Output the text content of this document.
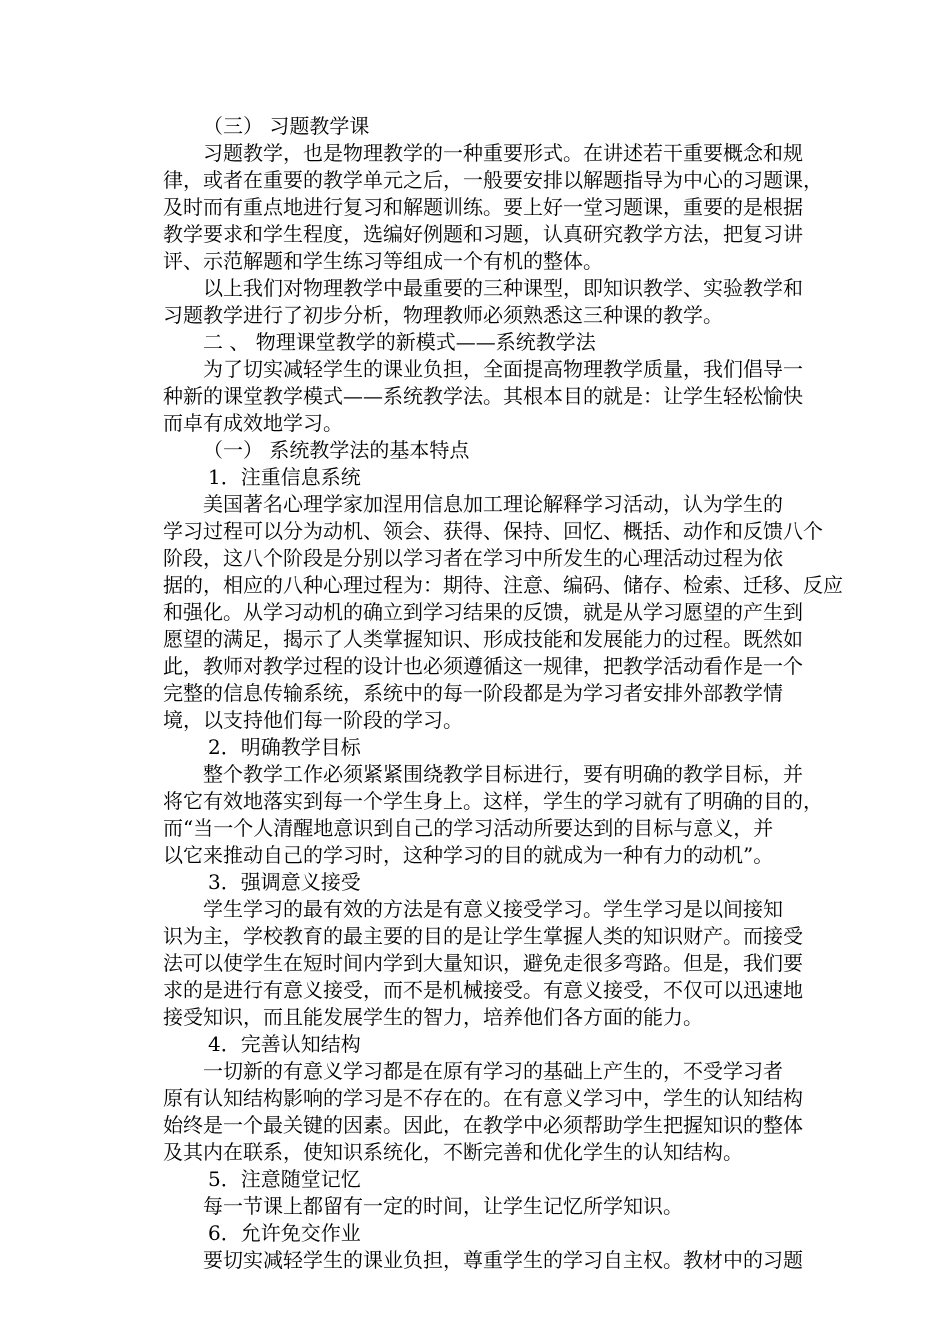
（三） 习题教学课
习题教学，也是物理教学的一种重要形式。在讲述若干重要概念和规
律，或者在重要的教学单元之后，一般要安排以解题指导为中心的习题课，
及时而有重点地进行复习和解题训练。要上好一堂习题课，重要的是根据
教学要求和学生程度，选编好例题和习题，认真研究教学方法，把复习讲
评、示范解题和学生练习等组成一个有机的整体。
以上我们对物理教学中最重要的三种课型，即知识教学、实验教学和
习题教学进行了初步分析，物理教师必须熟悉这三种课的教学。
二 、 物理课堂教学的新模式——系统教学法
为了切实减轻学生的课业负担，全面提高物理教学质量，我们倡导一
种新的课堂教学模式——系统教学法。其根本目的就是：让学生轻松愉快
而卓有成效地学习。
（一） 系统教学法的基本特点
1．注重信息系统
美国著名心理学家加涅用信息加工理论解释学习活动，认为学生的
学习过程可以分为动机、领会、获得、保持、回忆、概括、动作和反馈八个
阶段，这八个阶段是分别以学习者在学习中所发生的心理活动过程为依
据的，相应的八种心理过程为：期待、注意、编码、储存、检索、迁移、反应
和强化。从学习动机的确立到学习结果的反馈，就是从学习愿望的产生到
愿望的满足，揭示了人类掌握知识、形成技能和发展能力的过程。既然如
此，教师对教学过程的设计也必须遵循这一规律，把教学活动看作是一个
完整的信息传输系统，系统中的每一阶段都是为学习者安排外部教学情
境，以支持他们每一阶段的学习。
2．明确教学目标
整个教学工作必须紧紧围绕教学目标进行，要有明确的教学目标，并
将它有效地落实到每一个学生身上。这样，学生的学习就有了明确的目的，
而“当一个人清醒地意识到自己的学习活动所要达到的目标与意义，并
以它来推动自己的学习时，这种学习的目的就成为一种有力的动机”。
3．强调意义接受
学生学习的最有效的方法是有意义接受学习。学生学习是以间接知
识为主，学校教育的最主要的目的是让学生掌握人类的知识财产。而接受
法可以使学生在短时间内学到大量知识，避免走很多弯路。但是，我们要
求的是进行有意义接受，而不是机械接受。有意义接受，不仅可以迅速地
接受知识，而且能发展学生的智力，培养他们各方面的能力。
4．完善认知结构
一切新的有意义学习都是在原有学习的基础上产生的，不受学习者
原有认知结构影响的学习是不存在的。在有意义学习中，学生的认知结构
始终是一个最关键的因素。因此，在教学中必须帮助学生把握知识的整体
及其内在联系，使知识系统化，不断完善和优化学生的认知结构。
5．注意随堂记忆
每一节课上都留有一定的时间，让学生记忆所学知识。
6．允许免交作业
要切实减轻学生的课业负担，尊重学生的学习自主权。教材中的习题
